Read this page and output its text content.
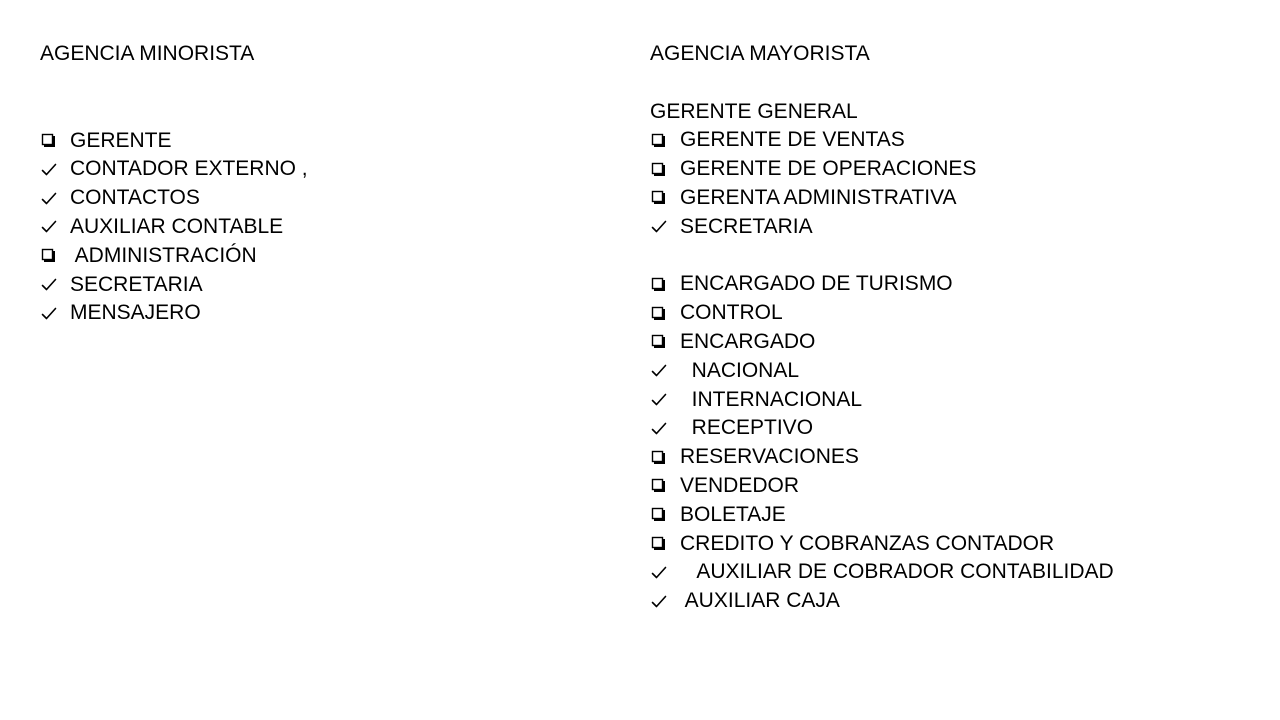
AGENCIA MINORISTA
GERENTE
CONTADOR EXTERNO ,
CONTACTOS
AUXILIAR CONTABLE
ADMINISTRACIÓN
SECRETARIA
MENSAJERO
AGENCIA MAYORISTA
GERENTE GENERAL
GERENTE DE VENTAS
GERENTE DE OPERACIONES
GERENTA ADMINISTRATIVA
SECRETARIA
ENCARGADO DE TURISMO
CONTROL
ENCARGADO
NACIONAL
INTERNACIONAL
RECEPTIVO
RESERVACIONES
VENDEDOR
BOLETAJE
CREDITO Y COBRANZAS CONTADOR
AUXILIAR DE COBRADOR CONTABILIDAD
AUXILIAR CAJA
